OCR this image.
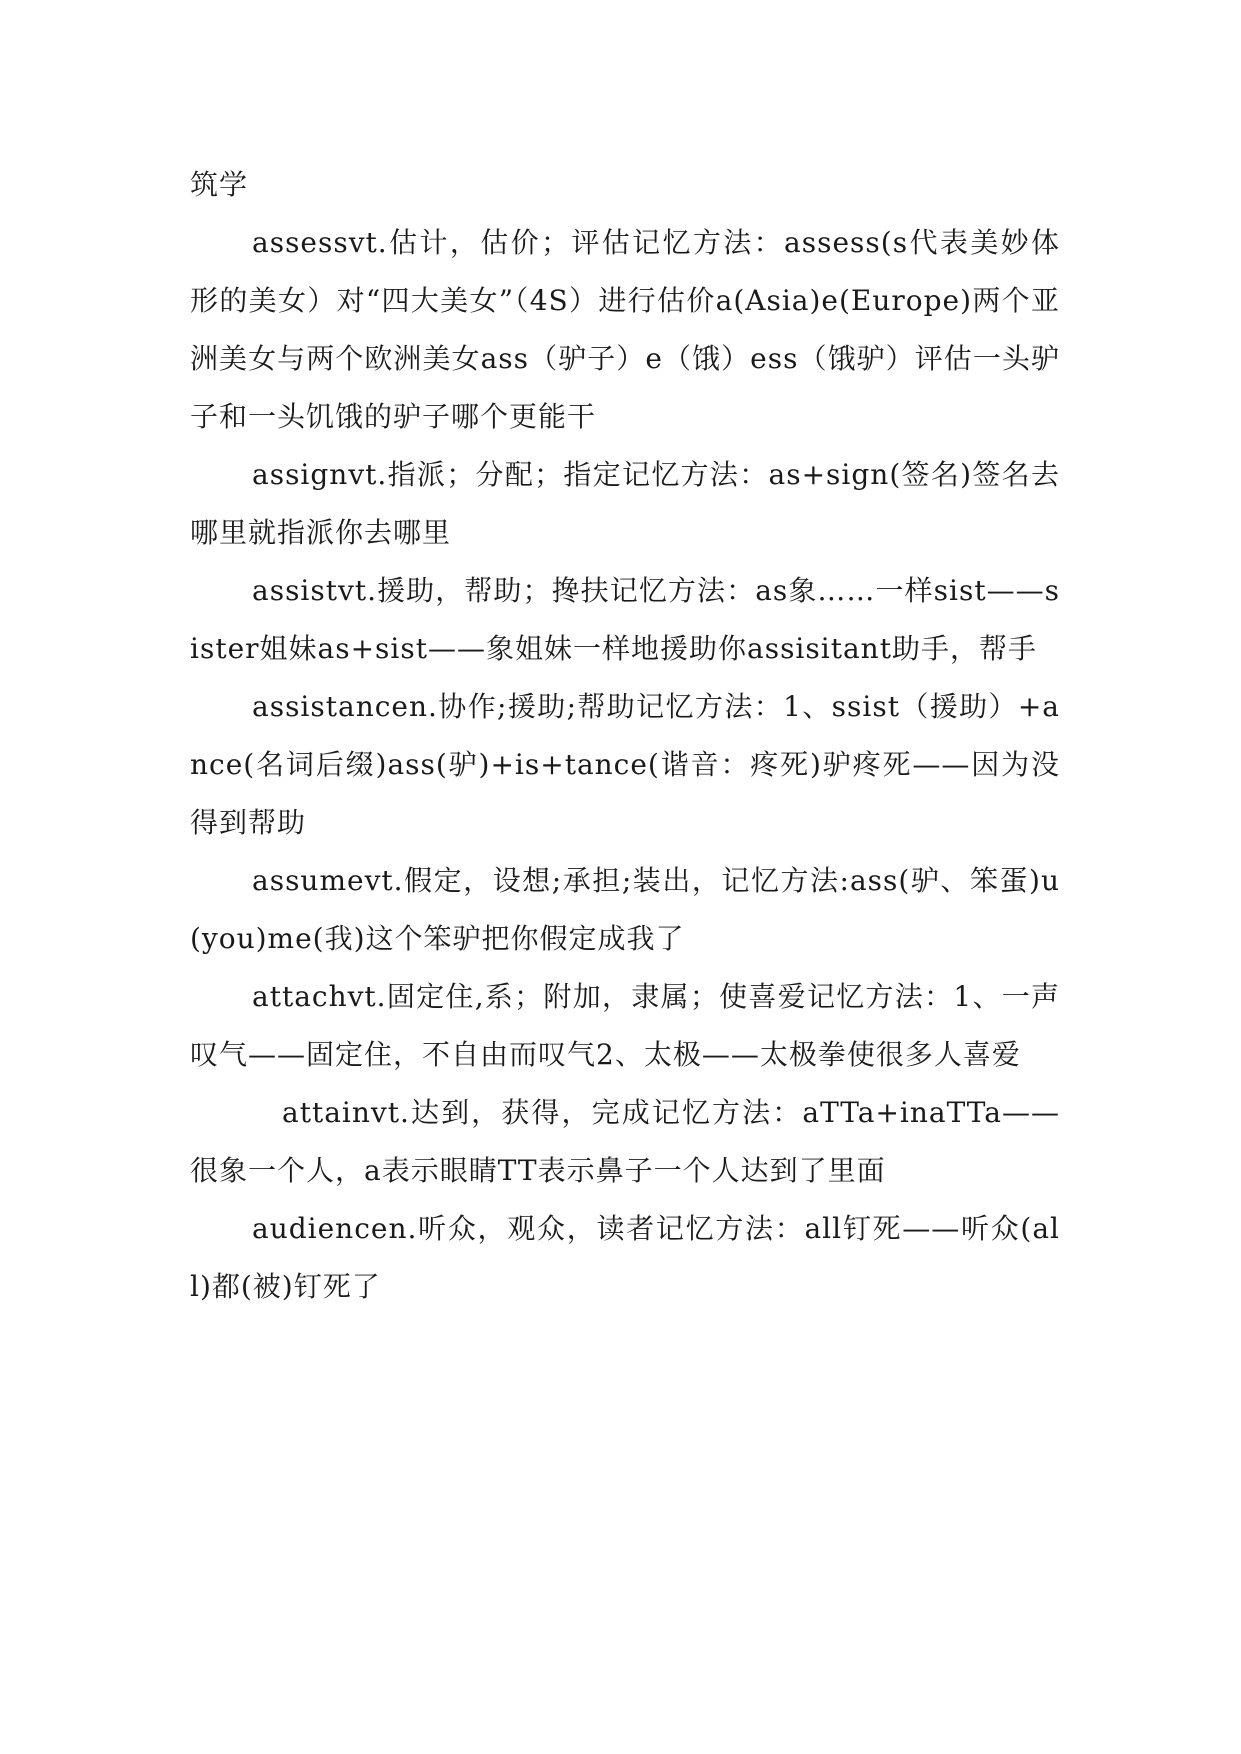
筑学

assessvt.估计，估价；评估记忆方法：assess(s代表美妙体形的美女）对“四大美女”（4S）进行估价a(Asia)e(Europe)两个亚洲美女与两个欧洲美女ass（驴子）e（饿）ess（饿驴）评估一头驴子和一头饥饿的驴子哪个更能干

assignvt.指派；分配；指定记忆方法：as+sign(签名)签名去哪里就指派你去哪里

assistvt.援助，帮助；搀扶记忆方法：as象……一样sist——sister姐妹as+sist——象姐妹一样地援助你assisitant助手，帮手

assistancen.协作;援助;帮助记忆方法：1、ssist（援助）+ance(名词后缀)ass(驴)+is+tance(谐音：疼死)驴疼死——因为没得到帮助

assumevt.假定，设想;承担;装出，记忆方法:ass(驴、笨蛋)u(you)me(我)这个笨驴把你假定成我了

attachvt.固定住,系；附加，隶属；使喜爱记忆方法：1、一声叹气——固定住，不自由而叹气2、太极——太极拳使很多人喜爱

attainvt.达到，获得，完成记忆方法：aTTa+inaTTa——很象一个人，a表示眼睛TT表示鼻子一个人达到了里面

audiencen.听众，观众，读者记忆方法：all钉死——听众(all)都(被)钉死了
